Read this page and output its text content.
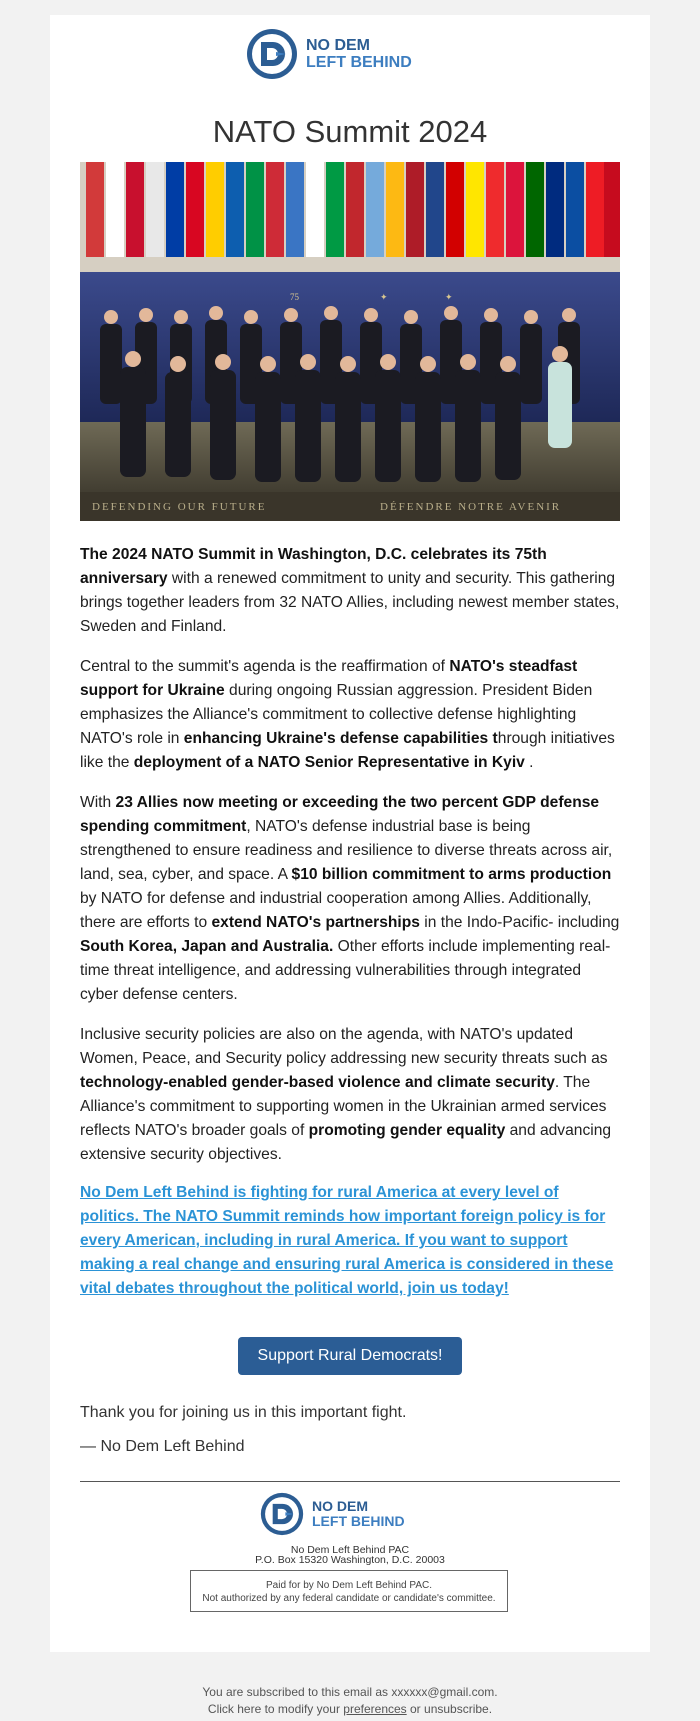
NO DEM
LEFT BEHIND
NATO Summit 2024
75	✦	✦
DEFENDING OUR FUTURE	DÉFENDRE NOTRE AVENIR

The 2024 NATO Summit in Washington, D.C. celebrates its 75th anniversary with a renewed commitment to unity and security. This gathering brings together leaders from 32 NATO Allies, including newest member states, Sweden and Finland.

Central to the summit's agenda is the reaffirmation of NATO's steadfast support for Ukraine during ongoing Russian aggression. President Biden emphasizes the Alliance's commitment to collective defense highlighting NATO's role in enhancing Ukraine's defense capabilities through initiatives like the deployment of a NATO Senior Representative in Kyiv .

With 23 Allies now meeting or exceeding the two percent GDP defense spending commitment, NATO's defense industrial base is being strengthened to ensure readiness and resilience to diverse threats across air, land, sea, cyber, and space. A $10 billion commitment to arms production by NATO for defense and industrial cooperation among Allies. Additionally, there are efforts to extend NATO's partnerships in the Indo-Pacific- including South Korea, Japan and Australia. Other efforts include implementing real-time threat intelligence, and addressing vulnerabilities through integrated cyber defense centers.

Inclusive security policies are also on the agenda, with NATO's updated Women, Peace, and Security policy addressing new security threats such as technology-enabled gender-based violence and climate security. The Alliance's commitment to supporting women in the Ukrainian armed services reflects NATO's broader goals of promoting gender equality and advancing extensive security objectives.

No Dem Left Behind is fighting for rural America at every level of politics. The NATO Summit reminds how important foreign policy is for every American, including in rural America. If you want to support making a real change and ensuring rural America is considered in these vital debates throughout the political world, join us today!

Support Rural Democrats!

Thank you for joining us in this important fight.

— No Dem Left Behind

NO DEM
LEFT BEHIND
No Dem Left Behind PAC
P.O. Box 15320 Washington, D.C. 20003
Paid for by No Dem Left Behind PAC.
Not authorized by any federal candidate or candidate's committee.
You are subscribed to this email as xxxxxx@gmail.com.
Click here to modify your preferences or unsubscribe.
